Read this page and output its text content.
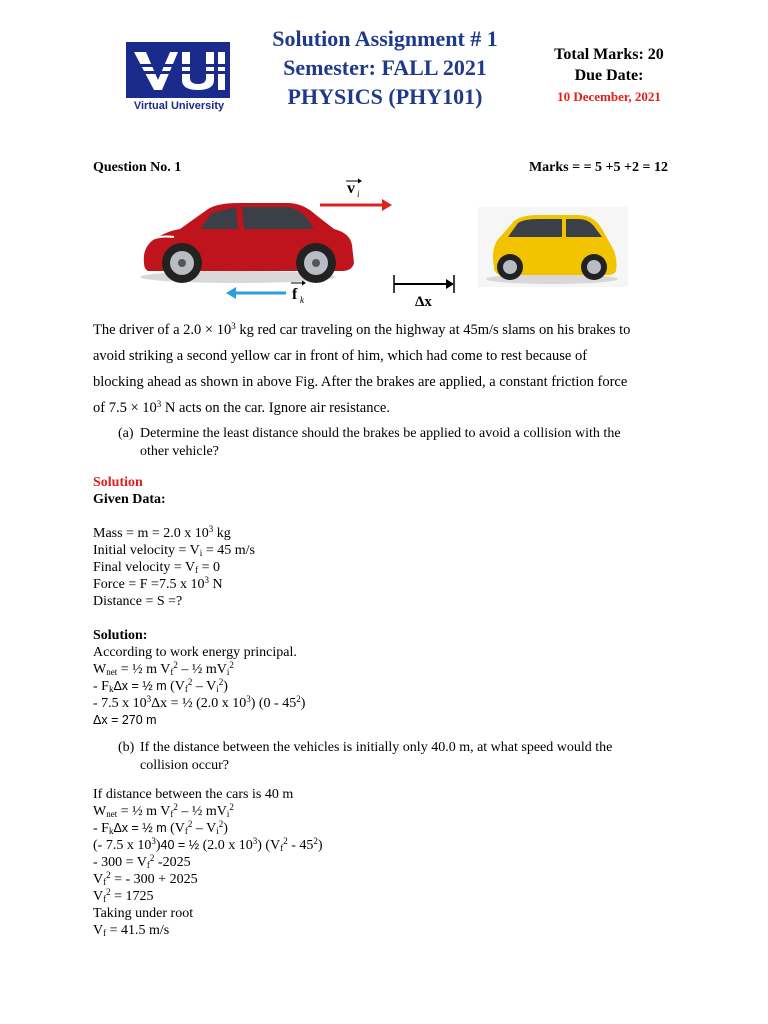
Virtual University
Solution Assignment # 1
Semester: FALL 2021
PHYSICS (PHY101)
Total Marks: 20
Due Date:
10 December, 2021
Question No. 1	Marks = = 5 +5 +2 = 12
v i
f k	Δx
The driver of a $2.0 \times 10^3$ kg red car traveling on the highway at 45m/s slams on his brakes to
avoid striking a second yellow car in front of him, which had come to rest because of
blocking ahead as shown in above Fig. After the brakes are applied, a constant friction force
of $7.5 \times 10^3$ N acts on the car. Ignore air resistance.
(a) Determine the least distance should the brakes be applied to avoid a collision with the
other vehicle?
Solution
Given Data:
Mass = m = 2.0 x $10^3$ kg
Initial velocity = $V_i = 45$ m/s
Final velocity = $V_f = 0$
Force = F =7.5 x $10^3$ N
Distance = S =?
Solution:
According to work energy principal.
$W_{net}$ = ½ m $V_f^2$ – ½ $mV_i^2$
- $F_k\Delta x$ = ½ m $(V_f^2 - V_i^2)$
- 7.5 x $10^3\Delta x$ = ½ (2.0 x $10^3$) $(0 - 45^2)$
Δx = 270 m
(b) If the distance between the vehicles is initially only 40.0 m, at what speed would the
collision occur?
If distance between the cars is 40 m
$W_{net}$ = ½ m $V_f^2$ – ½ $mV_i^2$
- $F_k\Delta x$ = ½ m $(V_f^2 - V_i^2)$
(- 7.5 x $10^3)40$ = ½ (2.0 x $10^3$) $(V_f^2 - 45^2)$
- $300 = V_f^2$ -2025
$V_f^2$ = - 300 + 2025
$V_f^2 = 1725$
Taking under root
$V_f = 41.5$ m/s
